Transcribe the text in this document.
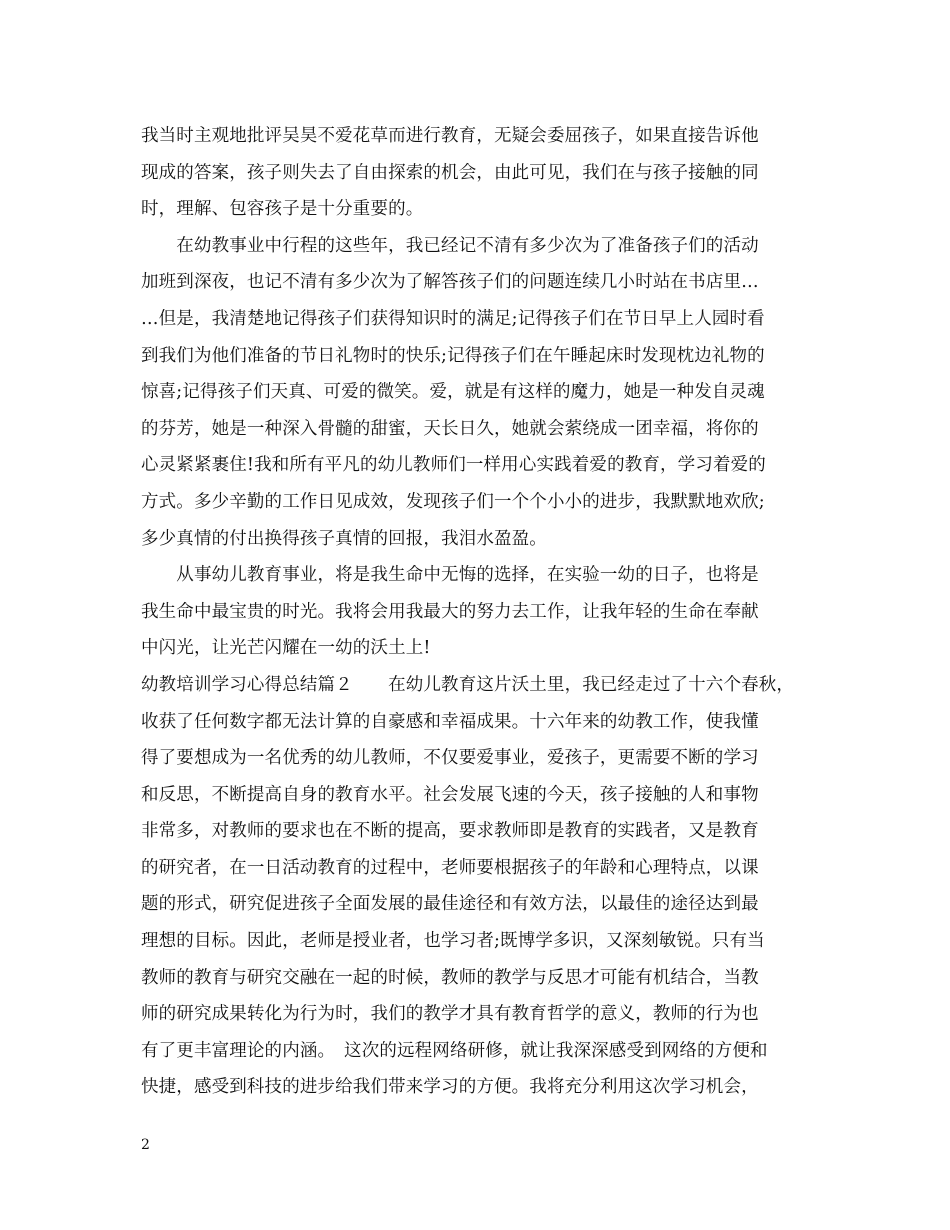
我当时主观地批评吴昊不爱花草而进行教育，无疑会委屈孩子，如果直接告诉他
现成的答案，孩子则失去了自由探索的机会，由此可见，我们在与孩子接触的同
时，理解、包容孩子是十分重要的。
　　在幼教事业中行程的这些年，我已经记不清有多少次为了准备孩子们的活动
加班到深夜，也记不清有多少次为了解答孩子们的问题连续几小时站在书店里…
…但是，我清楚地记得孩子们获得知识时的满足;记得孩子们在节日早上人园时看
到我们为他们准备的节日礼物时的快乐;记得孩子们在午睡起床时发现枕边礼物的
惊喜;记得孩子们天真、可爱的微笑。爱，就是有这样的魔力，她是一种发自灵魂
的芬芳，她是一种深入骨髓的甜蜜，天长日久，她就会萦绕成一团幸福，将你的
心灵紧紧裹住!我和所有平凡的幼儿教师们一样用心实践着爱的教育，学习着爱的
方式。多少辛勤的工作日见成效，发现孩子们一个个小小的进步，我默默地欢欣;
多少真情的付出换得孩子真情的回报，我泪水盈盈。
　　从事幼儿教育事业，将是我生命中无悔的选择，在实验一幼的日子，也将是
我生命中最宝贵的时光。我将会用我最大的努力去工作，让我年轻的生命在奉献
中闪光，让光芒闪耀在一幼的沃土上!
幼教培训学习心得总结篇２　　在幼儿教育这片沃土里，我已经走过了十六个春秋，
收获了任何数字都无法计算的自豪感和幸福成果。十六年来的幼教工作，使我懂
得了要想成为一名优秀的幼儿教师，不仅要爱事业，爱孩子，更需要不断的学习
和反思，不断提高自身的教育水平。社会发展飞速的今天，孩子接触的人和事物
非常多，对教师的要求也在不断的提高，要求教师即是教育的实践者，又是教育
的研究者，在一日活动教育的过程中，老师要根据孩子的年龄和心理特点，以课
题的形式，研究促进孩子全面发展的最佳途径和有效方法，以最佳的途径达到最
理想的目标。因此，老师是授业者，也学习者;既博学多识，又深刻敏锐。只有当
教师的教育与研究交融在一起的时候，教师的教学与反思才可能有机结合，当教
师的研究成果转化为行为时，我们的教学才具有教育哲学的意义，教师的行为也
有了更丰富理论的内涵。　这次的远程网络研修，就让我深深感受到网络的方便和
快捷，感受到科技的进步给我们带来学习的方便。我将充分利用这次学习机会，
2
